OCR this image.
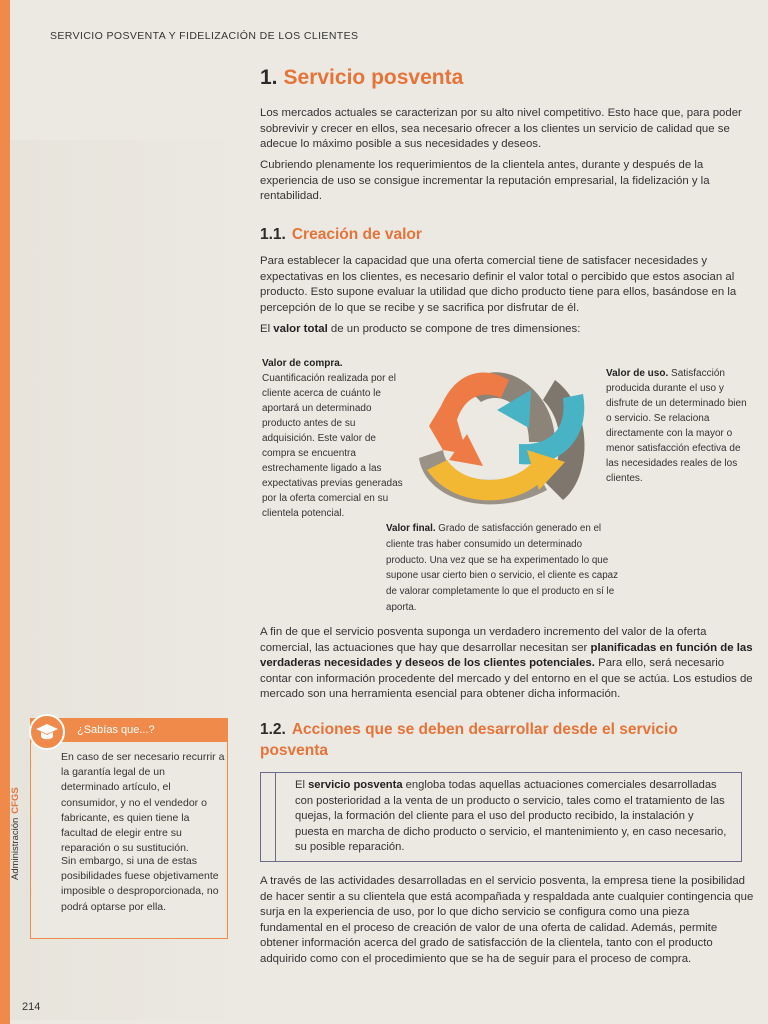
SERVICIO POSVENTA Y FIDELIZACIÓN DE LOS CLIENTES
1. Servicio posventa

Los mercados actuales se caracterizan por su alto nivel competitivo. Esto hace que, para poder sobrevivir y crecer en ellos, sea necesario ofrecer a los clientes un servicio de calidad que se adecue lo máximo posible a sus necesidades y deseos.

Cubriendo plenamente los requerimientos de la clientela antes, durante y después de la experiencia de uso se consigue incrementar la reputación empresarial, la fidelización y la rentabilidad.

1.1. Creación de valor

Para establecer la capacidad que una oferta comercial tiene de satisfacer necesidades y expectativas en los clientes, es necesario definir el valor total o percibido que estos asocian al producto. Esto supone evaluar la utilidad que dicho producto tiene para ellos, basándose en la percepción de lo que se recibe y se sacrifica por disfrutar de él.

El valor total de un producto se compone de tres dimensiones:

Valor de compra. Cuantificación realizada por el cliente acerca de cuánto le aportará un determinado producto antes de su adquisición. Este valor de compra se encuentra estrechamente ligado a las expectativas previas generadas por la oferta comercial en su clientela potencial.

Valor de uso. Satisfacción producida durante el uso y disfrute de un determinado bien o servicio. Se relaciona directamente con la mayor o menor satisfacción efectiva de las necesidades reales de los clientes.

Valor final. Grado de satisfacción generado en el cliente tras haber consumido un determinado producto. Una vez que se ha experimentado lo que supone usar cierto bien o servicio, el cliente es capaz de valorar completamente lo que el producto en sí le aporta.

A fin de que el servicio posventa suponga un verdadero incremento del valor de la oferta comercial, las actuaciones que hay que desarrollar necesitan ser planificadas en función de las verdaderas necesidades y deseos de los clientes potenciales. Para ello, será necesario contar con información procedente del mercado y del entorno en el que se actúa. Los estudios de mercado son una herramienta esencial para obtener dicha información.

1.2. Acciones que se deben desarrollar desde el servicio posventa

El servicio posventa engloba todas aquellas actuaciones comerciales desarrolladas con posterioridad a la venta de un producto o servicio, tales como el tratamiento de las quejas, la formación del cliente para el uso del producto recibido, la instalación y puesta en marcha de dicho producto o servicio, el mantenimiento y, en caso necesario, su posible reparación.

A través de las actividades desarrolladas en el servicio posventa, la empresa tiene la posibilidad de hacer sentir a su clientela que está acompañada y respaldada ante cualquier contingencia que surja en la experiencia de uso, por lo que dicho servicio se configura como una pieza fundamental en el proceso de creación de valor de una oferta de calidad. Además, permite obtener información acerca del grado de satisfacción de la clientela, tanto con el producto adquirido como con el procedimiento que se ha de seguir para el proceso de compra.

¿Sabías que...?

En caso de ser necesario recurrir a la garantía legal de un determinado artículo, el consumidor, y no el vendedor o fabricante, es quien tiene la facultad de elegir entre su reparación o su sustitución.

Sin embargo, si una de estas posibilidades fuese objetivamente imposible o desproporcionada, no podrá optarse por ella.

AdministraciónCFGS
214
